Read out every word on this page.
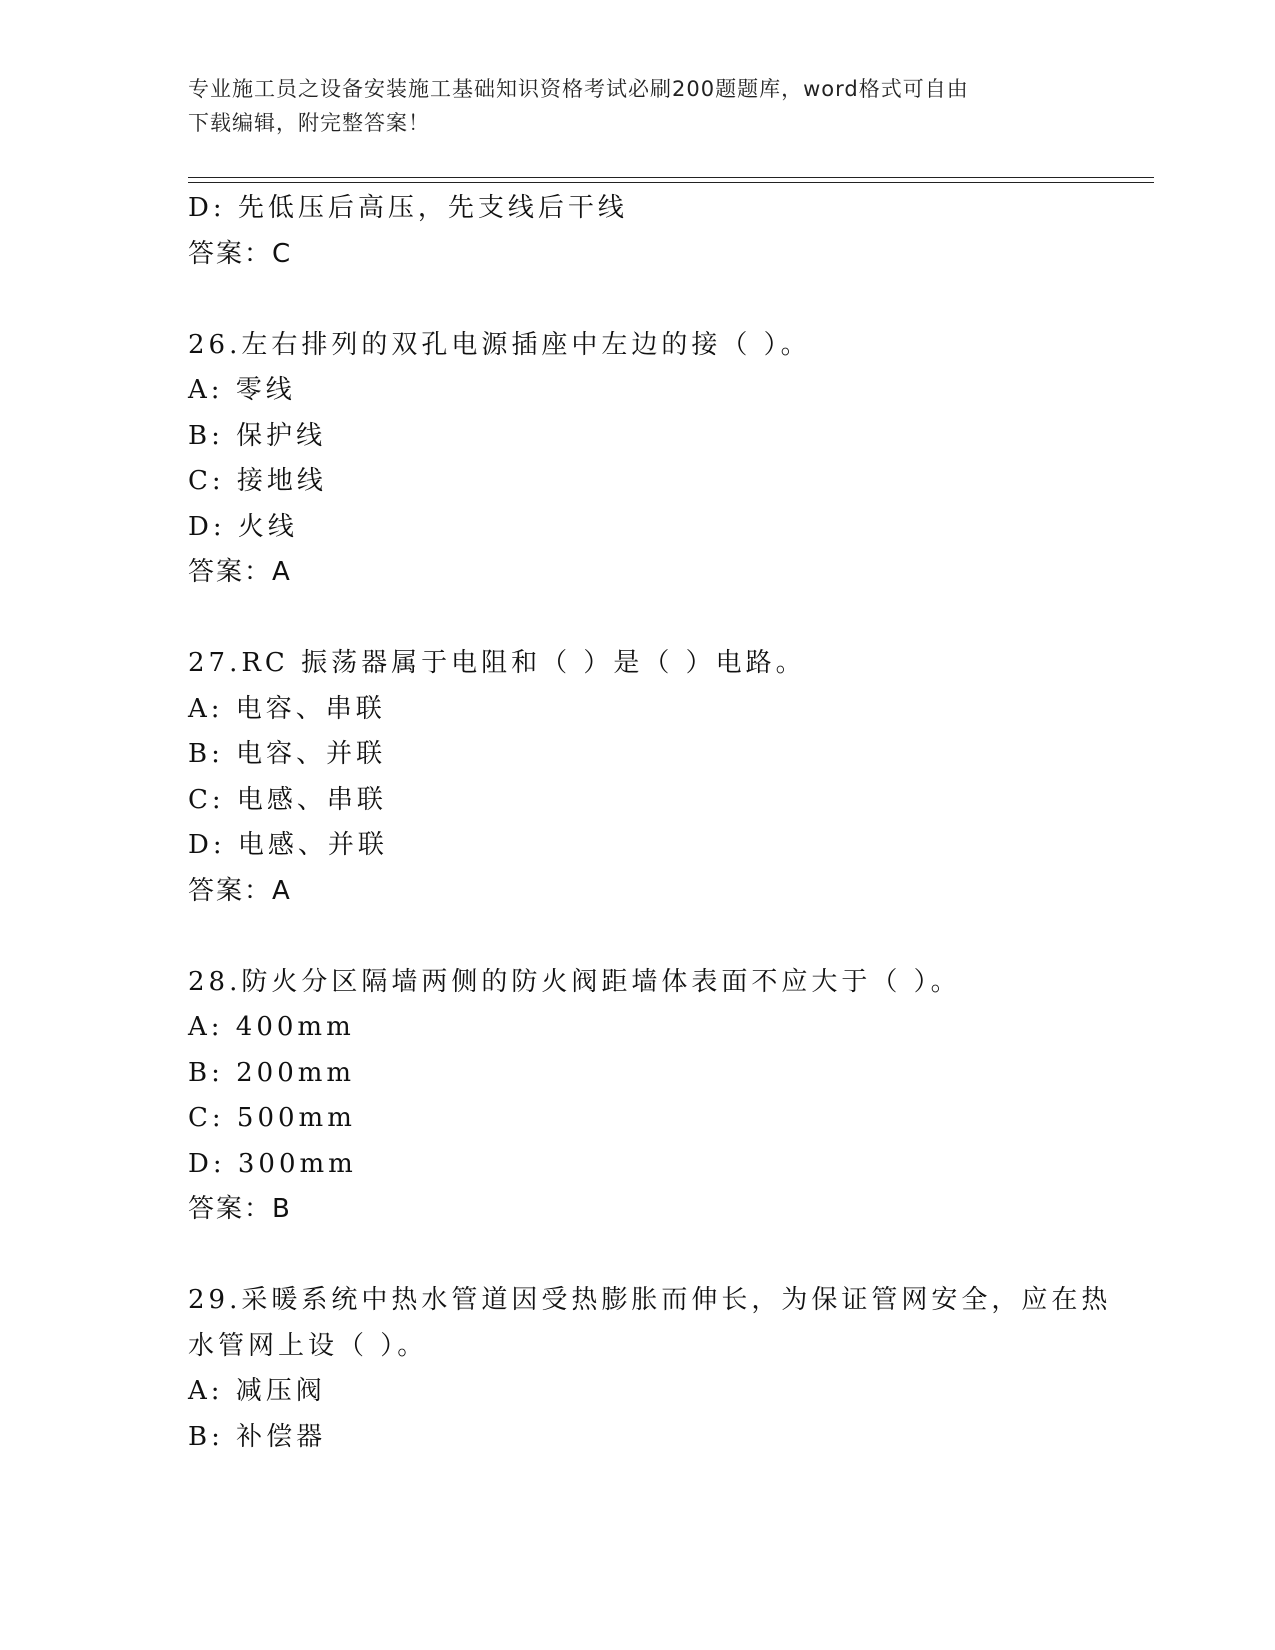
专业施工员之设备安装施工基础知识资格考试必刷200题题库，word格式可自由
下载编辑，附完整答案！
D: 先低压后高压，先支线后干线
答案：C
26.左右排列的双孔电源插座中左边的接（ ）。
A: 零线
B: 保护线
C: 接地线
D: 火线
答案：A
27.RC 振荡器属于电阻和（ ）是（ ）电路。
A: 电容、串联
B: 电容、并联
C: 电感、串联
D: 电感、并联
答案：A
28.防火分区隔墙两侧的防火阀距墙体表面不应大于（ ）。
A: 400mm
B: 200mm
C: 500mm
D: 300mm
答案：B
29.采暖系统中热水管道因受热膨胀而伸长，为保证管网安全，应在热
水管网上设（ ）。
A: 减压阀
B: 补偿器
